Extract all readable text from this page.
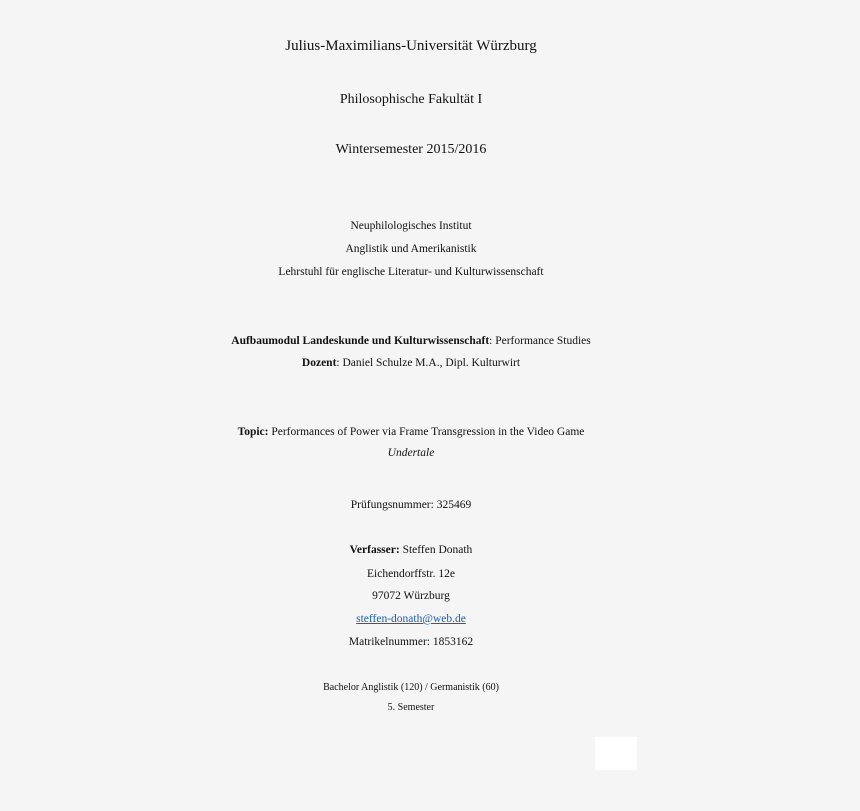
Julius-Maximilians-Universität Würzburg
Philosophische Fakultät I
Wintersemester 2015/2016
Neuphilologisches Institut
Anglistik und Amerikanistik
Lehrstuhl für englische Literatur- und Kulturwissenschaft
Aufbaumodul Landeskunde und Kulturwissenschaft: Performance Studies
Dozent: Daniel Schulze M.A., Dipl. Kulturwirt
Topic: Performances of Power via Frame Transgression in the Video Game
Undertale
Prüfungsnummer: 325469
Verfasser: Steffen Donath
Eichendorffstr. 12e
97072 Würzburg
steffen-donath@web.de
Matrikelnummer: 1853162
Bachelor Anglistik (120) / Germanistik (60)
5. Semester
